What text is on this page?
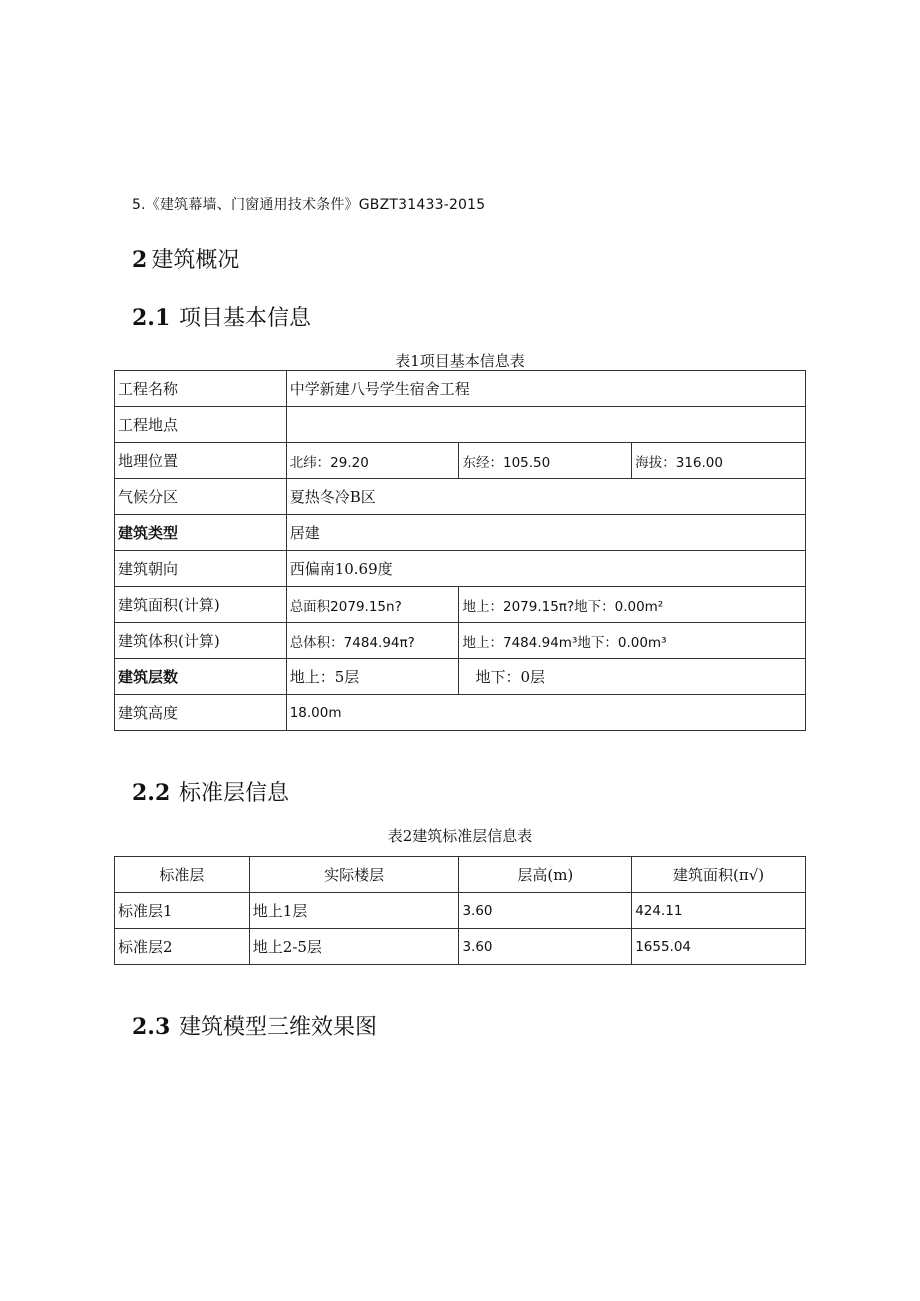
5.《建筑幕墙、门窗通用技术条件》GBZT31433-2015
2 建筑概况
2.1 项目基本信息
表1项目基本信息表
工程名称	中学新建八号学生宿舍工程		
工程地点			
地理位置	北纬：29.20	东经：105.50	海拔：316.00
气候分区	夏热冬冷B区		
建筑类型	居建		
建筑朝向	西偏南10.69度		
建筑面积(计算)	总面积2079.15n?	地上：2079.15π?地下：0.00m²	
建筑体积(计算)	总体积：7484.94π?	地上：7484.94m³地下：0.00m³	
建筑层数	地上：5层	地下：0层	
建筑高度	18.00m		
2.2 标准层信息
表2建筑标准层信息表
标准层	实际楼层	层高(m)	建筑面积(π√)
标准层1	地上1层	3.60	424.11
标准层2	地上2-5层	3.60	1655.04
2.3 建筑模型三维效果图
